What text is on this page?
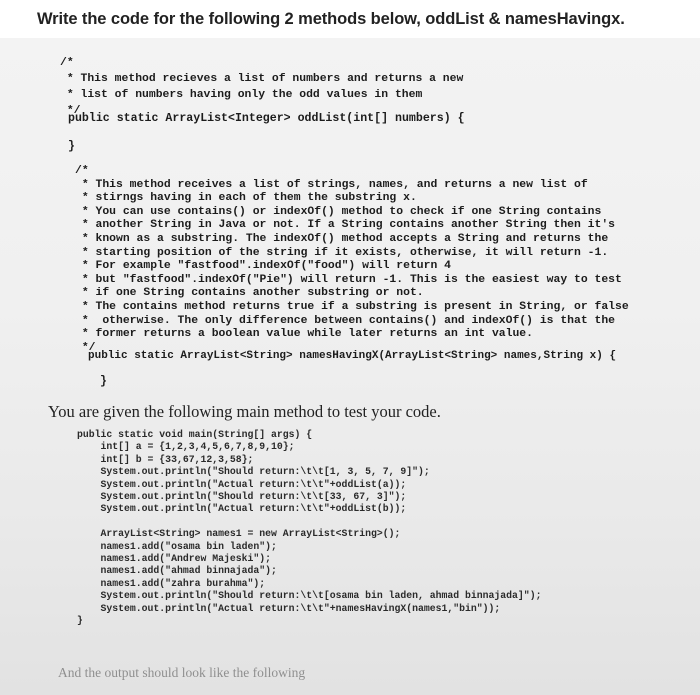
Write the code for the following 2 methods below, oddList & namesHavingx.
/*
* This method recieves a list of numbers and returns a new
* list of numbers having only the odd values in them
*/
public static ArrayList<Integer> oddList(int[] numbers) {
}
/*
* This method receives a list of strings, names, and returns a new list of
* stirngs having in each of them the substring x.
* You can use contains() or indexOf() method to check if one String contains
* another String in Java or not. If a String contains another String then it's
* known as a substring. The indexOf() method accepts a String and returns the
* starting position of the string if it exists, otherwise, it will return -1.
* For example "fastfood".indexOf("food") will return 4
* but "fastfood".indexOf("Pie") will return -1. This is the easiest way to test
* if one String contains another substring or not.
* The contains method returns true if a substring is present in String, or false
*  otherwise. The only difference between contains() and indexOf() is that the
* former returns a boolean value while later returns an int value.
*/
public static ArrayList<String> namesHavingX(ArrayList<String> names,String x) {
}
You are given the following main method to test your code.
public static void main(String[] args) {
int[] a = {1,2,3,4,5,6,7,8,9,10};
int[] b = {33,67,12,3,58};
System.out.println("Should return:\t\t[1, 3, 5, 7, 9]");
System.out.println("Actual return:\t\t"+oddList(a));
System.out.println("Should return:\t\t[33, 67, 3]");
System.out.println("Actual return:\t\t"+oddList(b));

ArrayList<String> names1 = new ArrayList<String>();
names1.add("osama bin laden");
names1.add("Andrew Majeski");
names1.add("ahmad binnajada");
names1.add("zahra burahma");
System.out.println("Should return:\t\t[osama bin laden, ahmad binnajada]");
System.out.println("Actual return:\t\t"+namesHavingX(names1,"bin"));
}
And the output should look like the following
